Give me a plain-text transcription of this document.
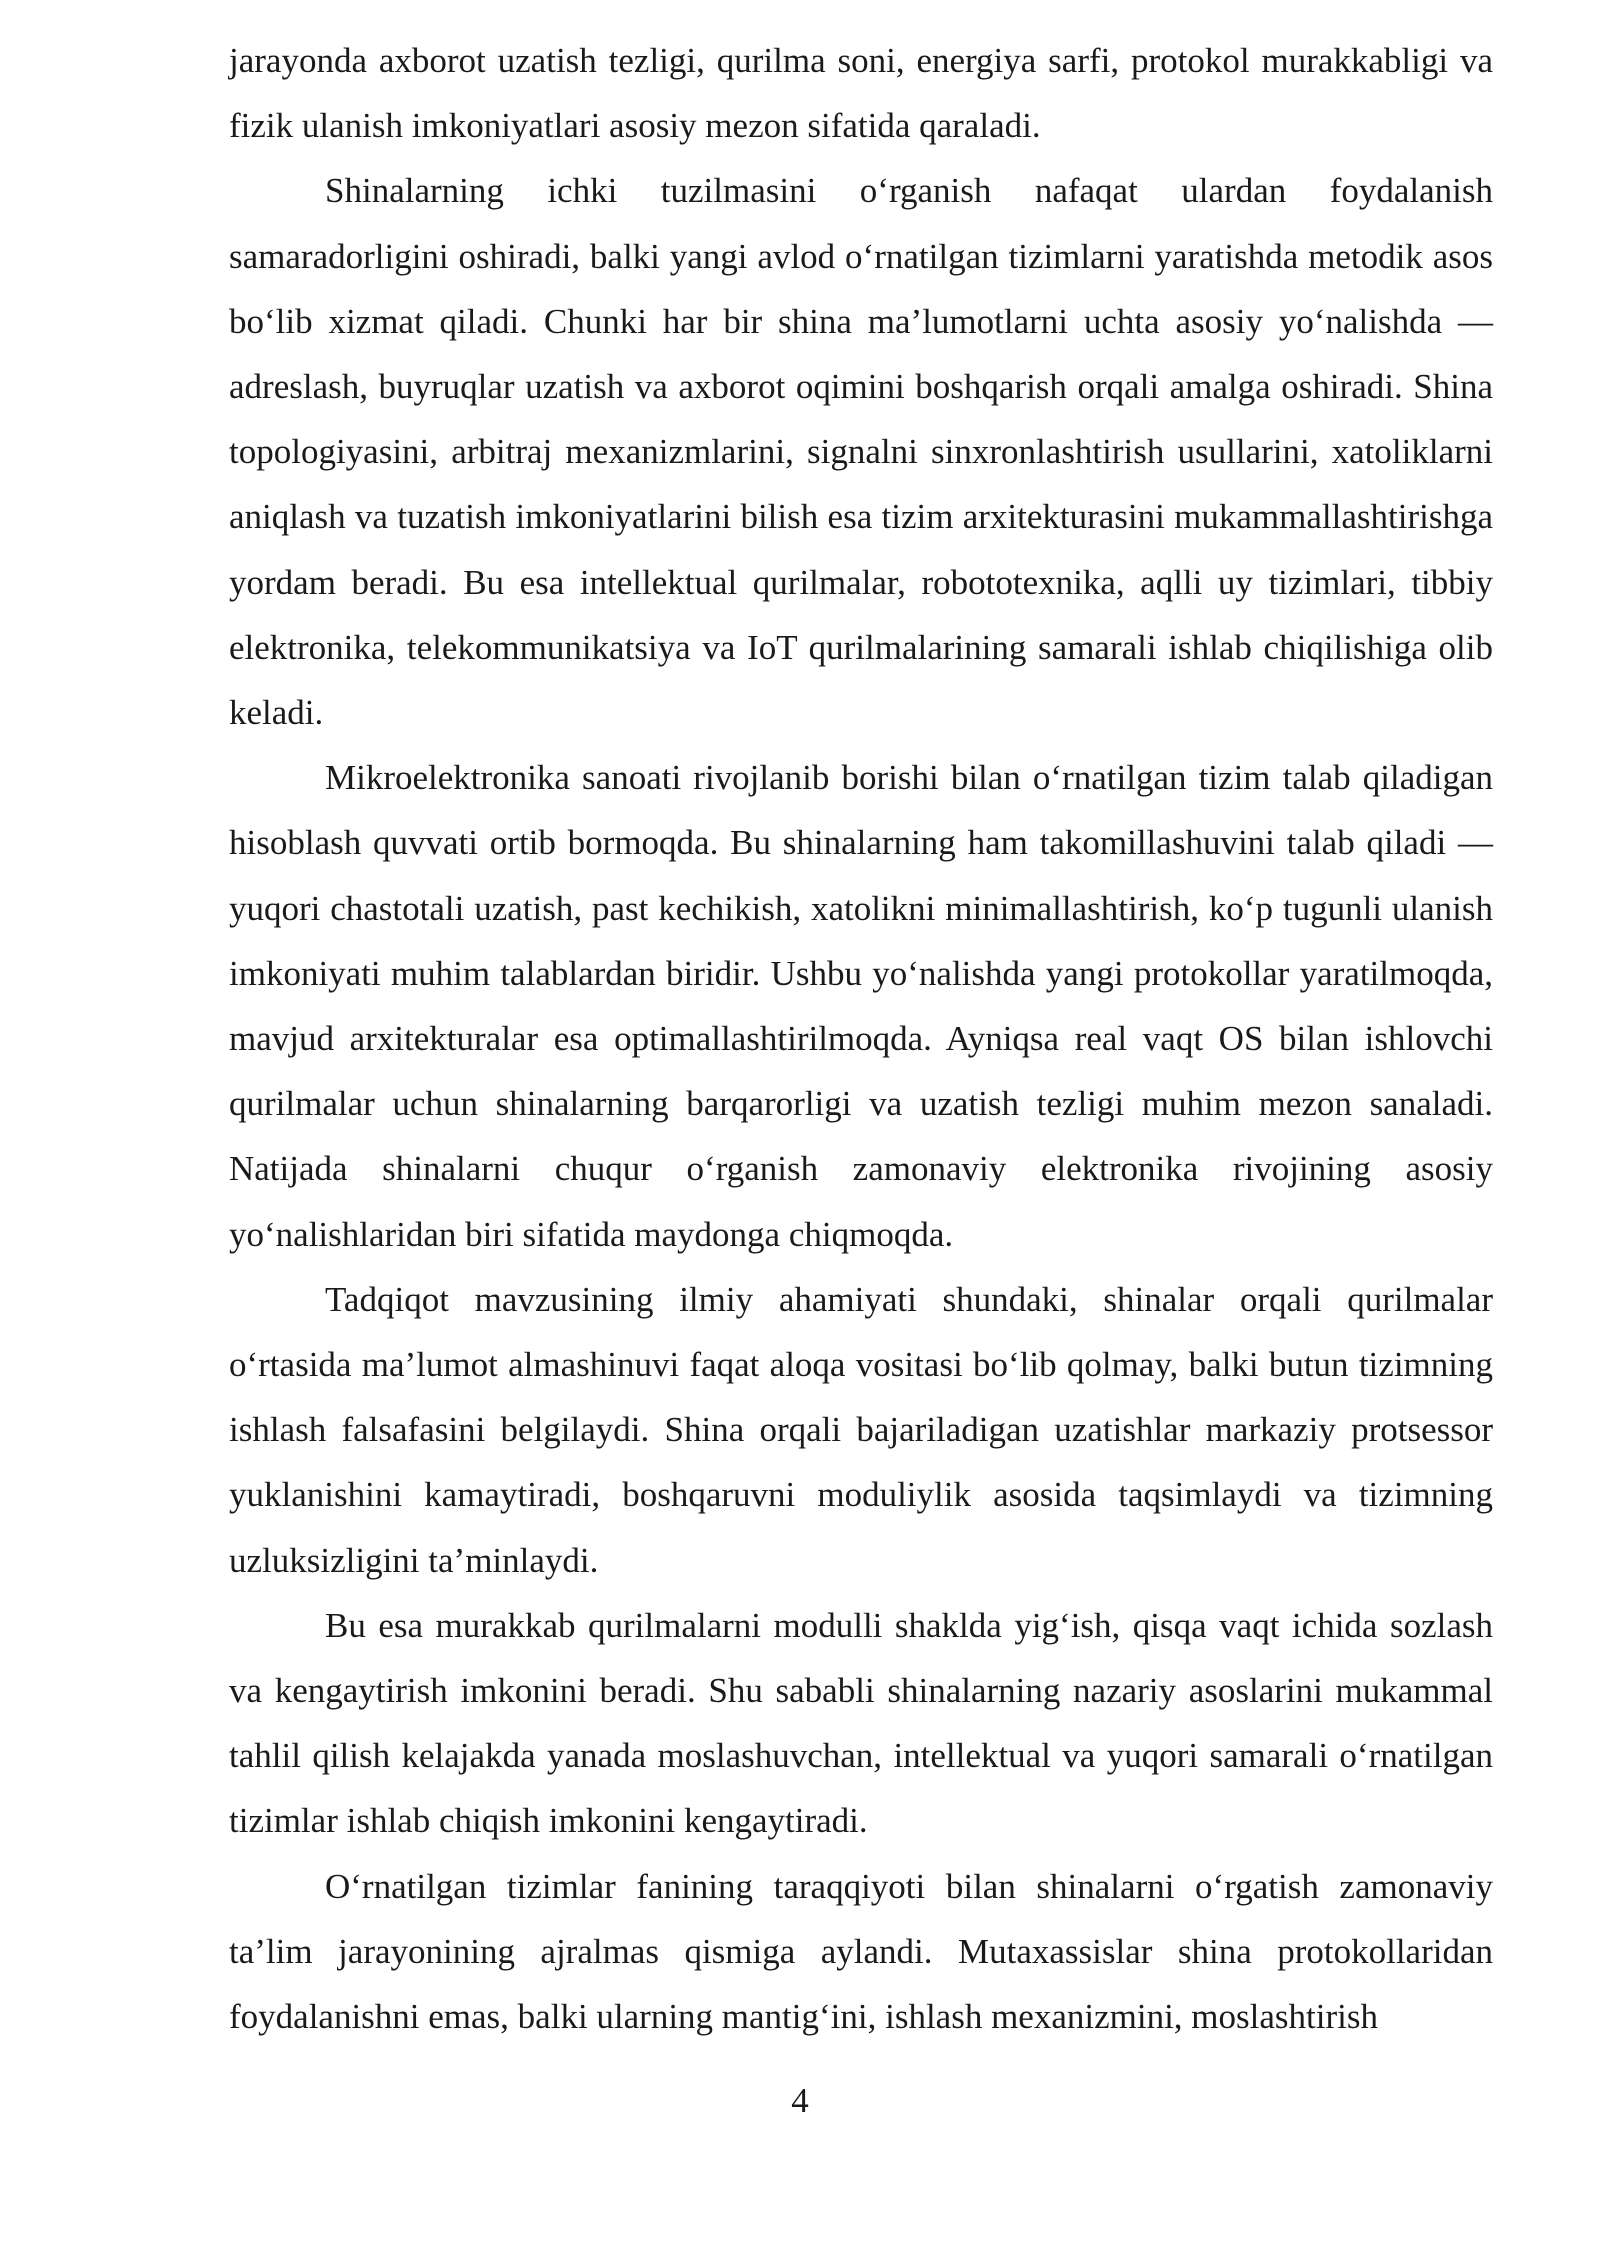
jarayonda axborot uzatish tezligi, qurilma soni, energiya sarfi, protokol murakkabligi va fizik ulanish imkoniyatlari asosiy mezon sifatida qaraladi.

Shinalarning ichki tuzilmasini o‘rganish nafaqat ulardan foydalanish samaradorligini oshiradi, balki yangi avlod o‘rnatilgan tizimlarni yaratishda metodik asos bo‘lib xizmat qiladi. Chunki har bir shina ma’lumotlarni uchta asosiy yo‘nalishda — adreslash, buyruqlar uzatish va axborot oqimini boshqarish orqali amalga oshiradi. Shina topologiyasini, arbitraj mexanizmlarini, signalni sinxronlashtirish usullarini, xatoliklarni aniqlash va tuzatish imkoniyatlarini bilish esa tizim arxitekturasini mukammallashtirishga yordam beradi. Bu esa intellektual qurilmalar, robototexnika, aqlli uy tizimlari, tibbiy elektronika, telekommunikatsiya va IoT qurilmalarining samarali ishlab chiqilishiga olib keladi.

Mikroelektronika sanoati rivojlanib borishi bilan o‘rnatilgan tizim talab qiladigan hisoblash quvvati ortib bormoqda. Bu shinalarning ham takomillashuvini talab qiladi — yuqori chastotali uzatish, past kechikish, xatolikni minimallashtirish, ko‘p tugunli ulanish imkoniyati muhim talablardan biridir. Ushbu yo‘nalishda yangi protokollar yaratilmoqda, mavjud arxitekturalar esa optimallashtirilmoqda. Ayniqsa real vaqt OS bilan ishlovchi qurilmalar uchun shinalarning barqarorligi va uzatish tezligi muhim mezon sanaladi. Natijada shinalarni chuqur o‘rganish zamonaviy elektronika rivojining asosiy yo‘nalishlaridan biri sifatida maydonga chiqmoqda.

Tadqiqot mavzusining ilmiy ahamiyati shundaki, shinalar orqali qurilmalar o‘rtasida ma’lumot almashinuvi faqat aloqa vositasi bo‘lib qolmay, balki butun tizimning ishlash falsafasini belgilaydi. Shina orqali bajariladigan uzatishlar markaziy protsessor yuklanishini kamaytiradi, boshqaruvni moduliylik asosida taqsimlaydi va tizimning uzluksizligini ta’minlaydi.

Bu esa murakkab qurilmalarni modulli shaklda yig‘ish, qisqa vaqt ichida sozlash va kengaytirish imkonini beradi. Shu sababli shinalarning nazariy asoslarini mukammal tahlil qilish kelajakda yanada moslashuvchan, intellektual va yuqori samarali o‘rnatilgan tizimlar ishlab chiqish imkonini kengaytiradi.

O‘rnatilgan tizimlar fanining taraqqiyoti bilan shinalarni o‘rgatish zamonaviy ta’lim jarayonining ajralmas qismiga aylandi. Mutaxassislar shina protokollaridan foydalanishni emas, balki ularning mantig‘ini, ishlash mexanizmini, moslashtirish

4
